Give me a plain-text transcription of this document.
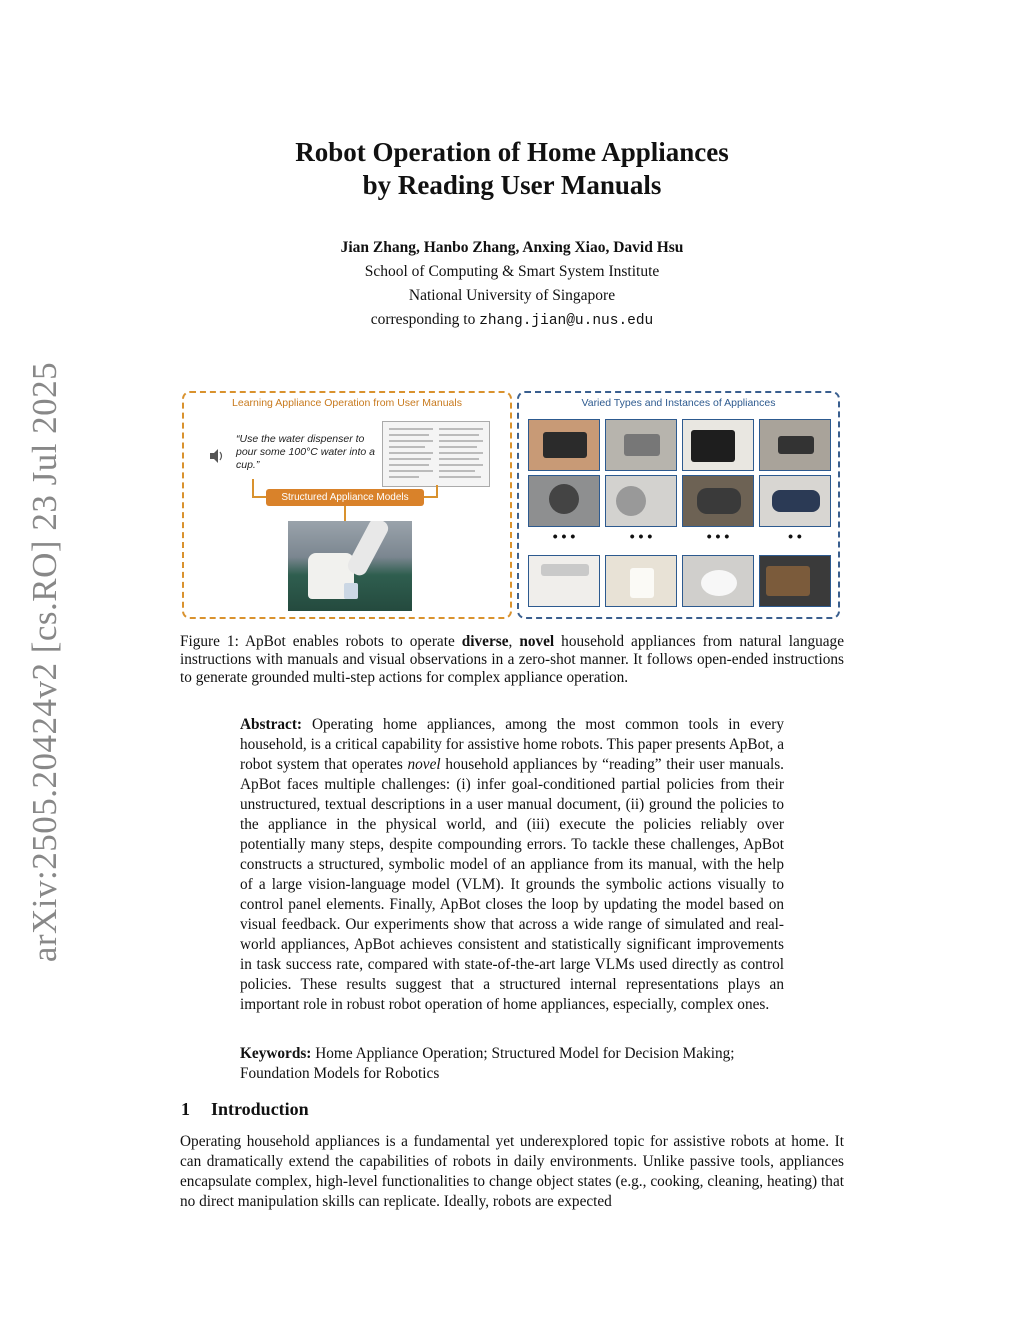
arXiv:2505.20424v2 [cs.RO] 23 Jul 2025
Robot Operation of Home Appliances
by Reading User Manuals
Jian Zhang, Hanbo Zhang, Anxing Xiao, David Hsu
School of Computing & Smart System Institute
National University of Singapore
corresponding to zhang.jian@u.nus.edu
Learning Appliance Operation from User Manuals
“Use the water dispenser to pour some 100°C water into a cup.”
Structured Appliance Models
Varied Types and Instances of Appliances
• • •	• • •	• • •	• •
Figure 1: ApBot enables robots to operate diverse, novel household appliances from natural language instructions with manuals and visual observations in a zero-shot manner. It follows open-ended instructions to generate grounded multi-step actions for complex appliance operation.
Abstract: Operating home appliances, among the most common tools in every household, is a critical capability for assistive home robots. This paper presents ApBot, a robot system that operates novel household appliances by “reading” their user manuals. ApBot faces multiple challenges: (i) infer goal-conditioned partial policies from their unstructured, textual descriptions in a user manual document, (ii) ground the policies to the appliance in the physical world, and (iii) execute the policies reliably over potentially many steps, despite compounding errors. To tackle these challenges, ApBot constructs a structured, symbolic model of an appliance from its manual, with the help of a large vision-language model (VLM). It grounds the symbolic actions visually to control panel elements. Finally, ApBot closes the loop by updating the model based on visual feedback. Our experiments show that across a wide range of simulated and real-world appliances, ApBot achieves consistent and statistically significant improvements in task success rate, compared with state-of-the-art large VLMs used directly as control policies. These results suggest that a structured internal representations plays an important role in robust robot operation of home appliances, especially, complex ones.
Keywords: Home Appliance Operation; Structured Model for Decision Making; Foundation Models for Robotics
1 Introduction
Operating household appliances is a fundamental yet underexplored topic for assistive robots at home. It can dramatically extend the capabilities of robots in daily environments. Unlike passive tools, appliances encapsulate complex, high-level functionalities to change object states (e.g., cooking, cleaning, heating) that no direct manipulation skills can replicate. Ideally, robots are expected
